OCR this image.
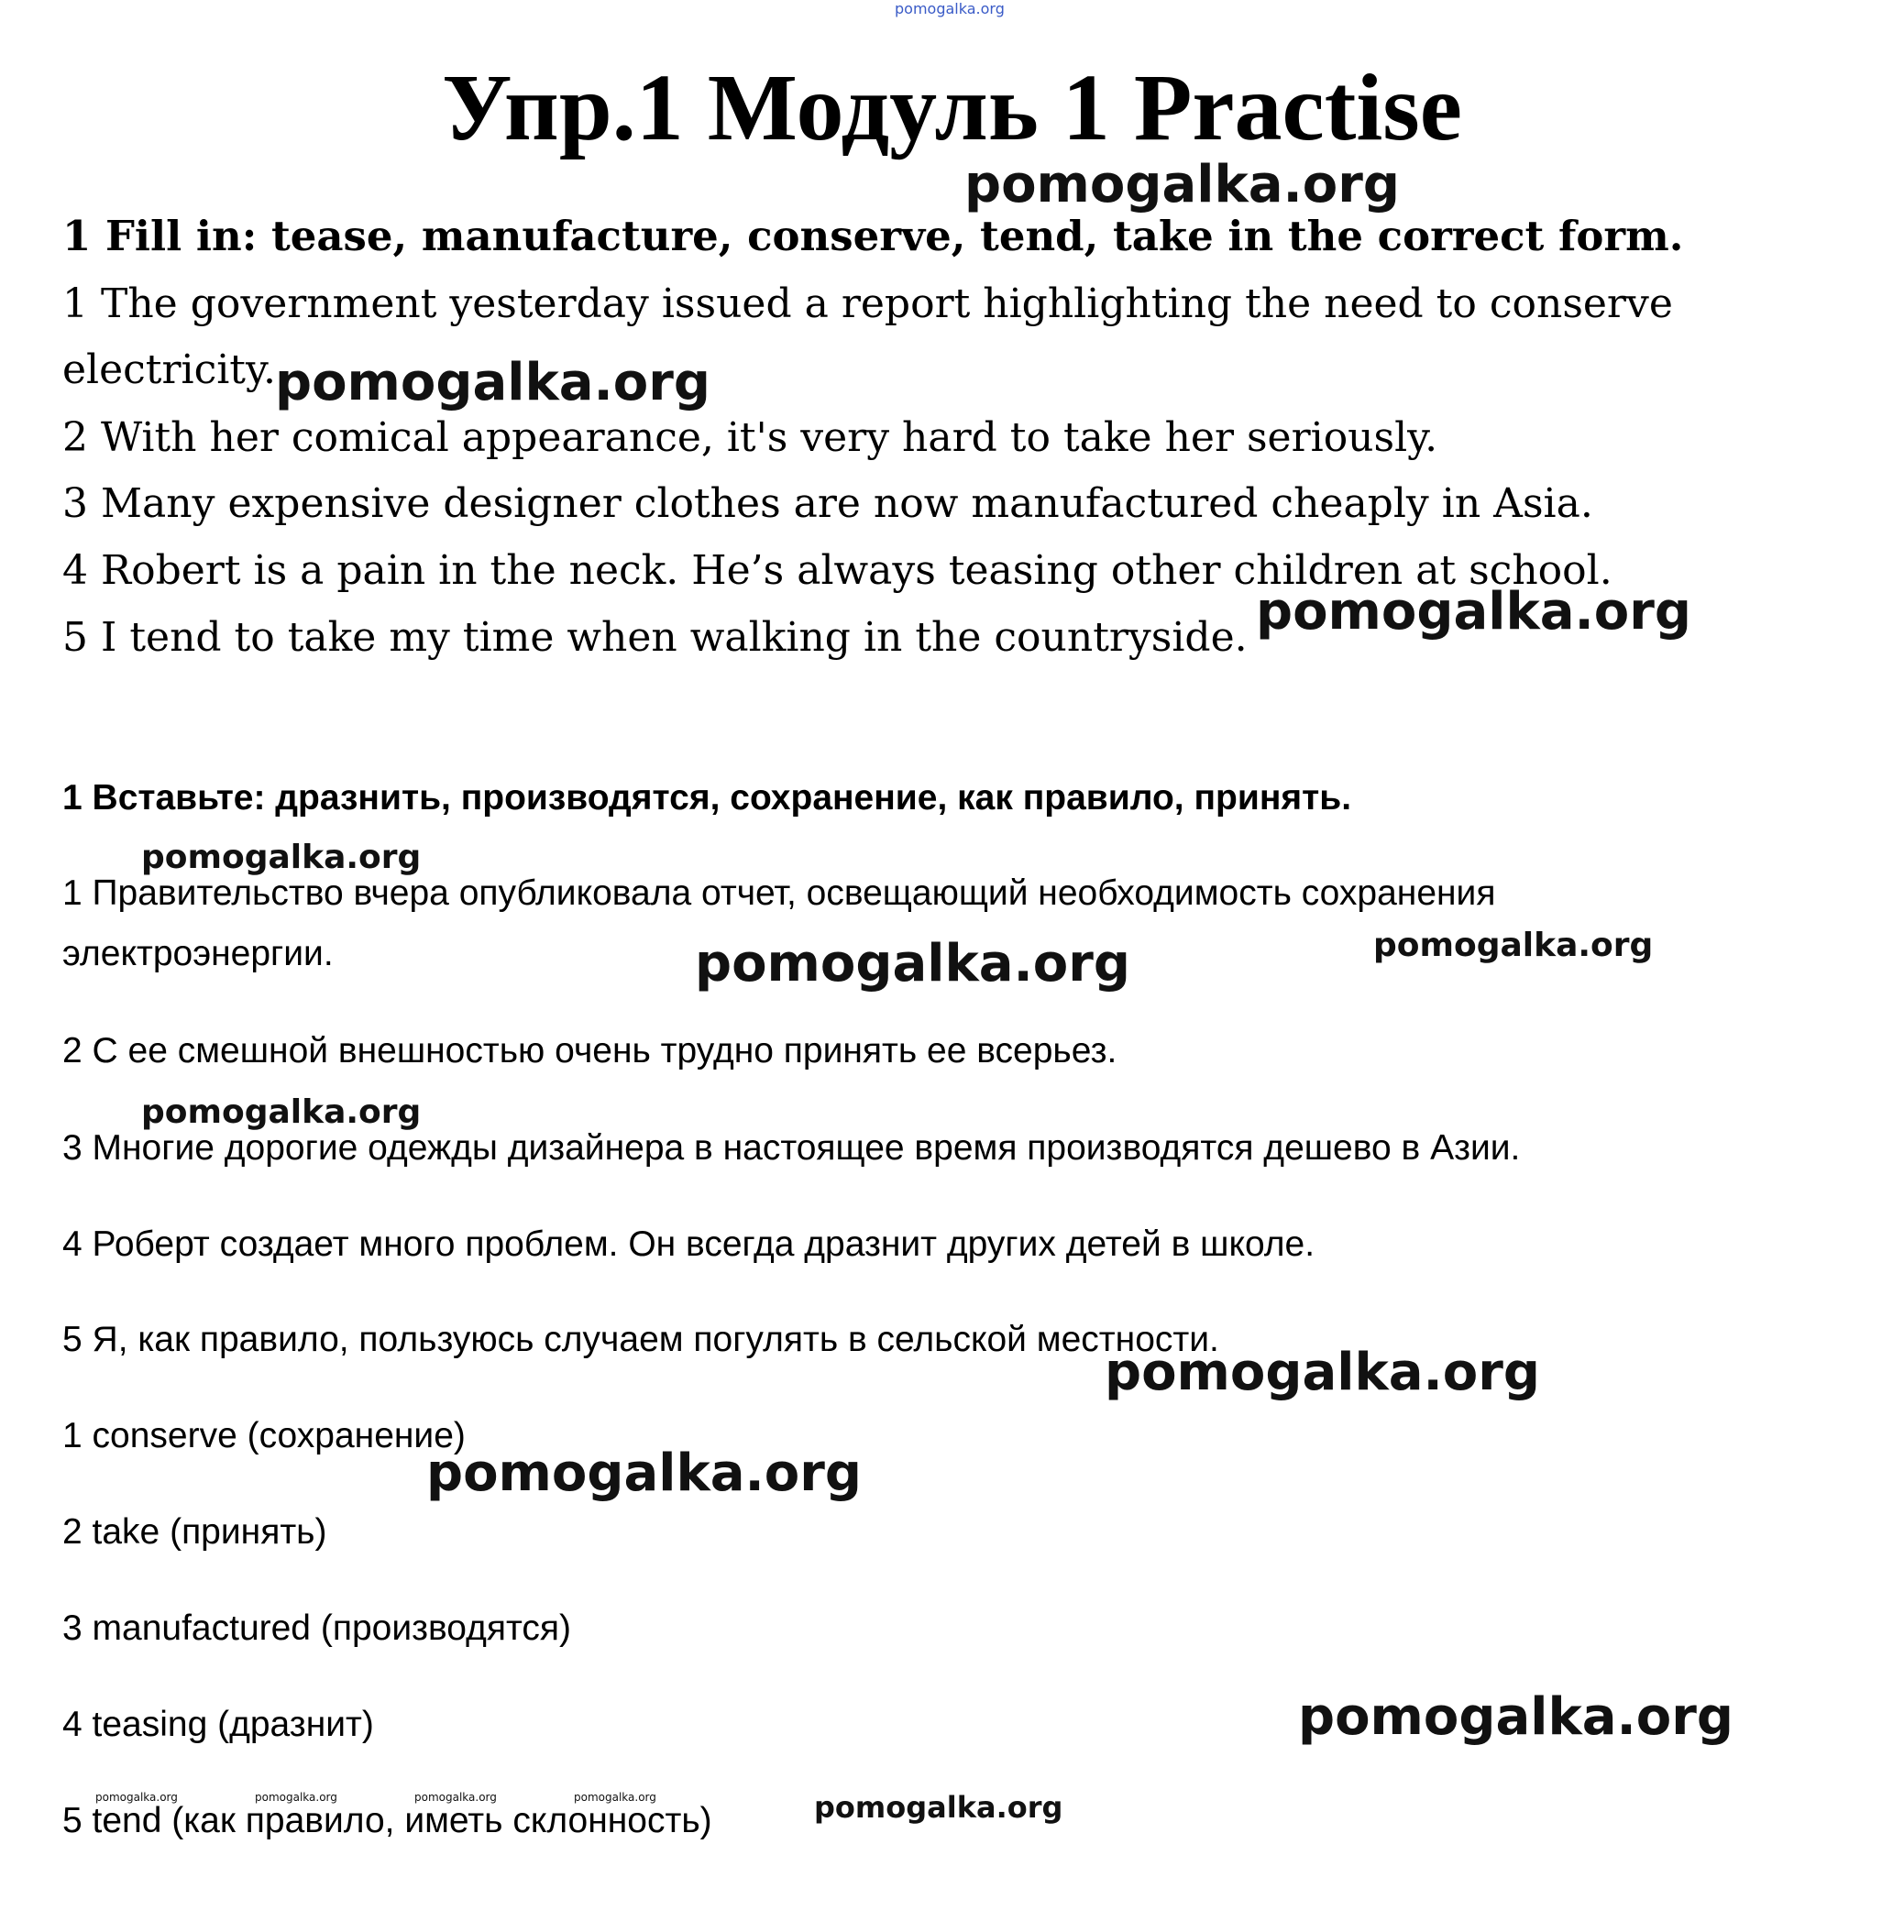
pomogalka.org
Упр.1 Модуль 1 Practise
pomogalka.org
1 Fill in: tease, manufacture, conserve, tend, take in the correct form.
1 The government yesterday issued a report highlighting the need to conserve
electricity. pomogalka.org
2 With her comical appearance, it's very hard to take her seriously.
3 Many expensive designer clothes are now manufactured cheaply in Asia.
4 Robert is a pain in the neck. He’s always teasing other children at school.
5 I tend to take my time when walking in the countryside. pomogalka.org
1 Вставьте: дразнить, производятся, сохранение, как правило, принять.
pomogalka.org
1 Правительство вчера опубликовала отчет, освещающий необходимость сохранения
электроэнергии.	pomogalka.org	pomogalka.org
2 С ее смешной внешностью очень трудно принять ее всерьез.
pomogalka.org
3 Многие дорогие одежды дизайнера в настоящее время производятся дешево в Азии.
4 Роберт создает много проблем. Он всегда дразнит других детей в школе.
5 Я, как правило, пользуюсь случаем погулять в сельской местности.
pomogalka.org
1 conserve (сохранение)
pomogalka.org
2 take (принять)
3 manufactured (производятся)
4 teasing (дразнит)	pomogalka.org
5 tend (как правило, иметь склонность)
pomogalka.org	pomogalka.org	pomogalka.org	pomogalka.org	pomogalka.org
